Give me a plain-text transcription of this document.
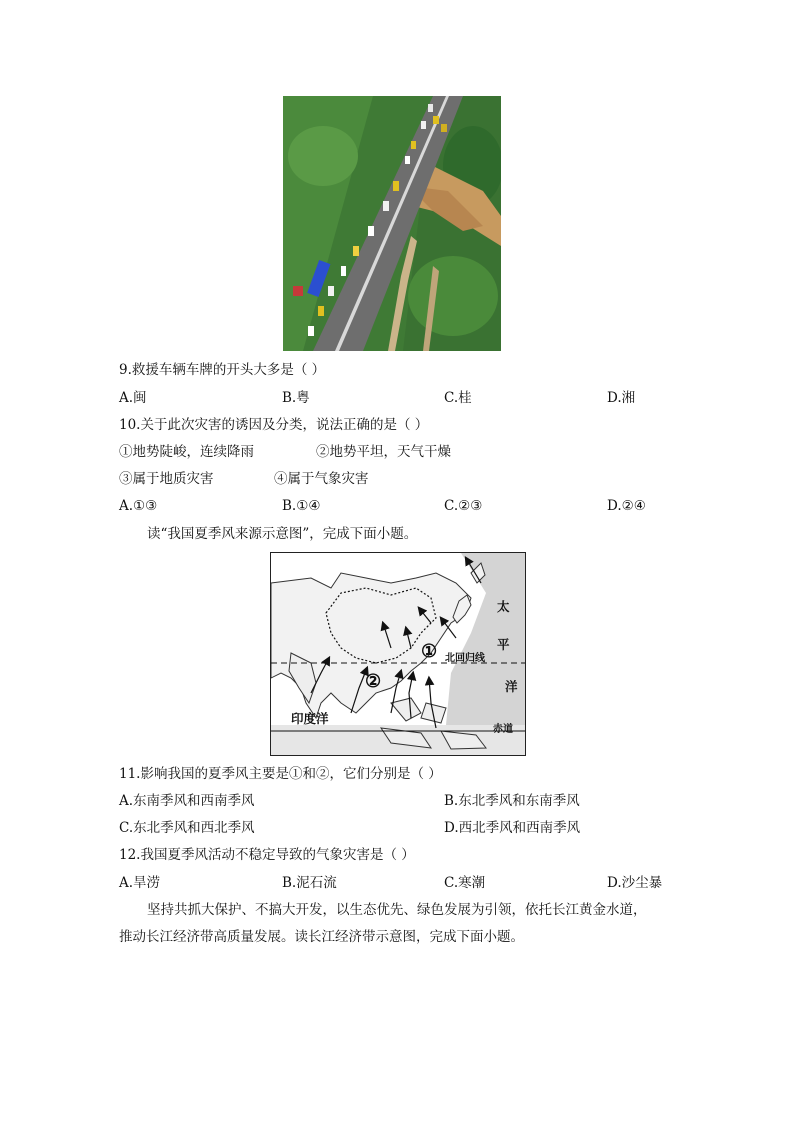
9.救援车辆车牌的开头大多是（ ）
A.闽	B.粤	C.桂	D.湘
10.关于此次灾害的诱因及分类，说法正确的是（ ）
①地势陡峻，连续降雨	②地势平坦，天气干燥
③属于地质灾害	④属于气象灾害
A.①③	B.①④	C.②③	D.②④
读“我国夏季风来源示意图”，完成下面小题。
太
平
洋
北回归线
印度洋
赤道
①
②
11.影响我国的夏季风主要是①和②，它们分别是（ ）
A.东南季风和西南季风	B.东北季风和东南季风
C.东北季风和西北季风	D.西北季风和西南季风
12.我国夏季风活动不稳定导致的气象灾害是（ ）
A.旱涝	B.泥石流	C.寒潮	D.沙尘暴
坚持共抓大保护、不搞大开发，以生态优先、绿色发展为引领，依托长江黄金水道，
推动长江经济带高质量发展。读长江经济带示意图，完成下面小题。
